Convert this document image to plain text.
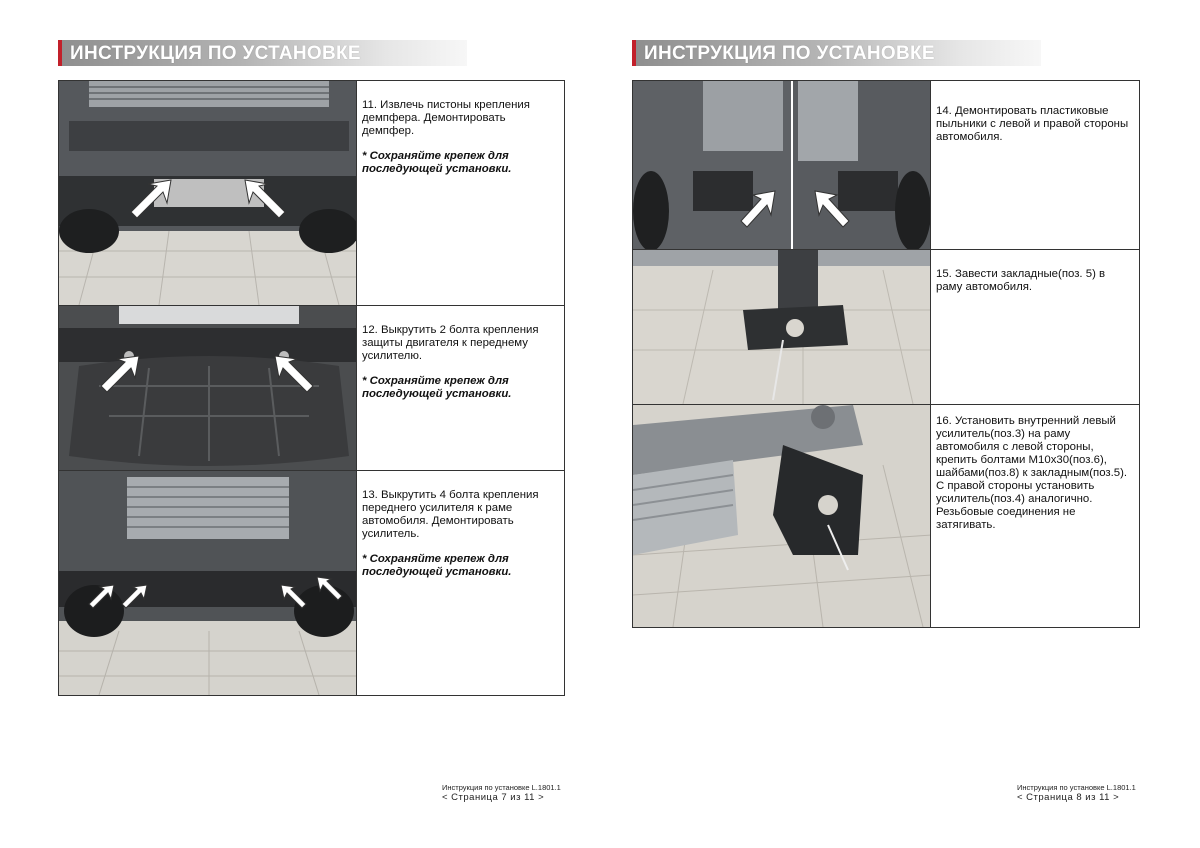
ИНСТРУКЦИЯ ПО УСТАНОВКЕ

11. Извлечь пистоны крепления демпфера. Демонтировать демпфер.
* Сохраняйте крепеж для последующей установки.

12. Выкрутить 2 болта крепления защиты двигателя к переднему усилителю.
* Сохраняйте крепеж для последующей установки.

13. Выкрутить 4 болта крепления переднего усилителя к раме автомобиля. Демонтировать усилитель.
* Сохраняйте крепеж для последующей установки.
Инструкция по установке L.1801.1
< Страница 7 из 11 >
ИНСТРУКЦИЯ ПО УСТАНОВКЕ

14. Демонтировать пластиковые пыльники с левой и правой стороны автомобиля.

15. Завести закладные(поз. 5) в раму автомобиля.

16. Установить внутренний левый усилитель(поз.3) на раму автомобиля с левой стороны, крепить болтами М10х30(поз.6), шайбами(поз.8) к закладным(поз.5). С правой стороны установить усилитель(поз.4) аналогично. Резьбовые соединения не затягивать.
Инструкция по установке L.1801.1
< Страница 8 из 11 >
